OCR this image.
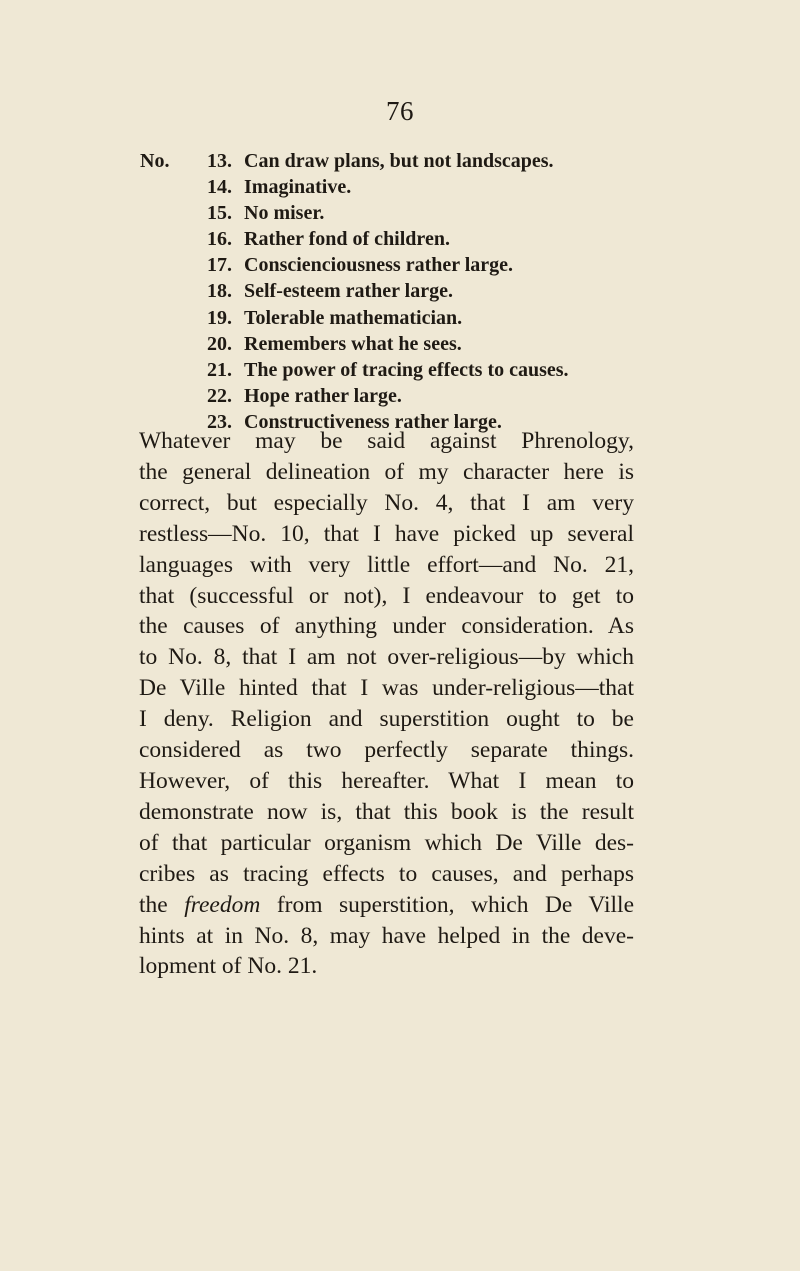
76
No.	13. Can draw plans, but not landscapes.
14. Imaginative.
15. No miser.
16. Rather fond of children.
17. Conscienciousness rather large.
18. Self-esteem rather large.
19. Tolerable mathematician.
20. Remembers what he sees.
21. The power of tracing effects to causes.
22. Hope rather large.
23. Constructiveness rather large.
Whatever may be said against Phrenology,
the general delineation of my character here is
correct, but especially No. 4, that I am very
restless—No. 10, that I have picked up several
languages with very little effort—and No. 21,
that (successful or not), I endeavour to get to
the causes of anything under consideration. As
to No. 8, that I am not over-religious—by which
De Ville hinted that I was under-religious—that
I deny. Religion and superstition ought to be
considered as two perfectly separate things.
However, of this hereafter. What I mean to
demonstrate now is, that this book is the result
of that particular organism which De Ville des-
cribes as tracing effects to causes, and perhaps
the freedom from superstition, which De Ville
hints at in No. 8, may have helped in the deve-
lopment of No. 21.
